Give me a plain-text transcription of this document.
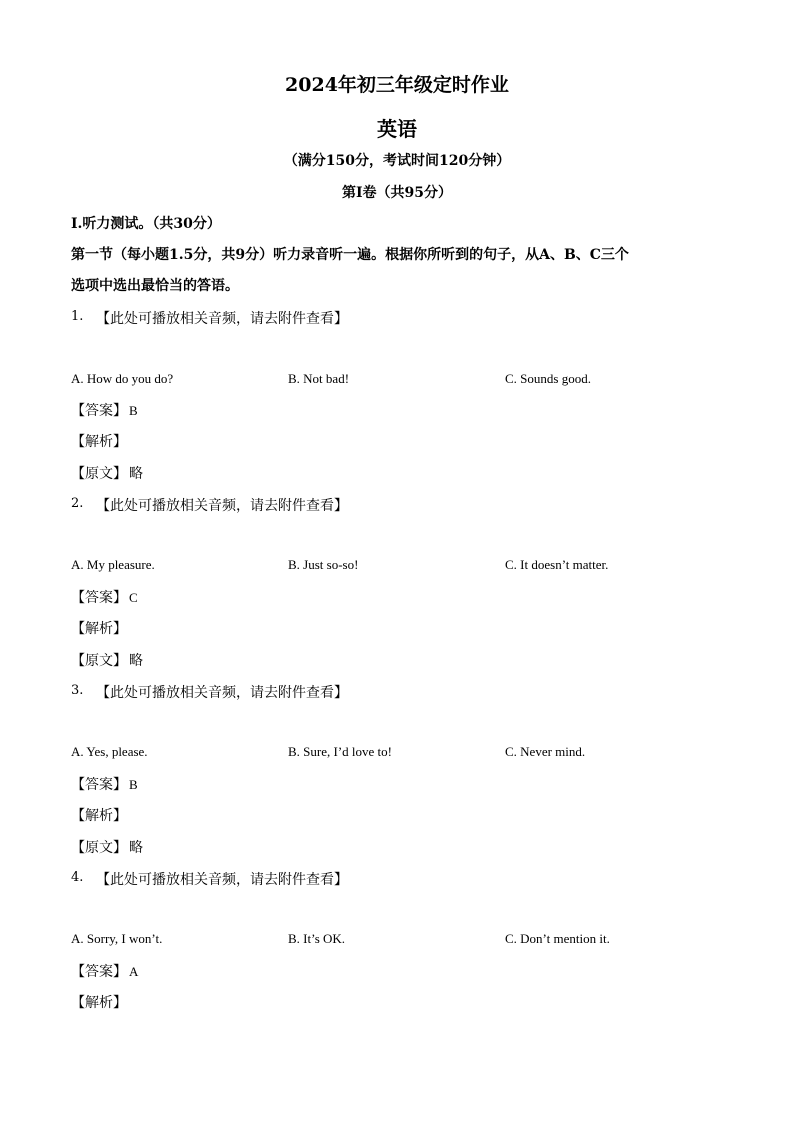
2024年初三年级定时作业
英语
（满分150分，考试时间120分钟）
第Ⅰ卷（共95分）
Ⅰ.听力测试。（共30分）
第一节（每小题1.5分，共9分）听力录音听一遍。根据你所听到的句子，从A、B、C三个
选项中选出最恰当的答语。
1. 【此处可播放相关音频，请去附件查看】
A. How do you do?	B. Not bad!	C. Sounds good.
【答案】 B
【解析】
【原文】 略
2. 【此处可播放相关音频，请去附件查看】
A. My pleasure.	B. Just so-so!	C. It doesn’t matter.
【答案】 C
【解析】
【原文】 略
3. 【此处可播放相关音频，请去附件查看】
A. Yes, please.	B. Sure, I’d love to!	C. Never mind.
【答案】 B
【解析】
【原文】 略
4. 【此处可播放相关音频，请去附件查看】
A. Sorry, I won’t.	B. It’s OK.	C. Don’t mention it.
【答案】 A
【解析】
